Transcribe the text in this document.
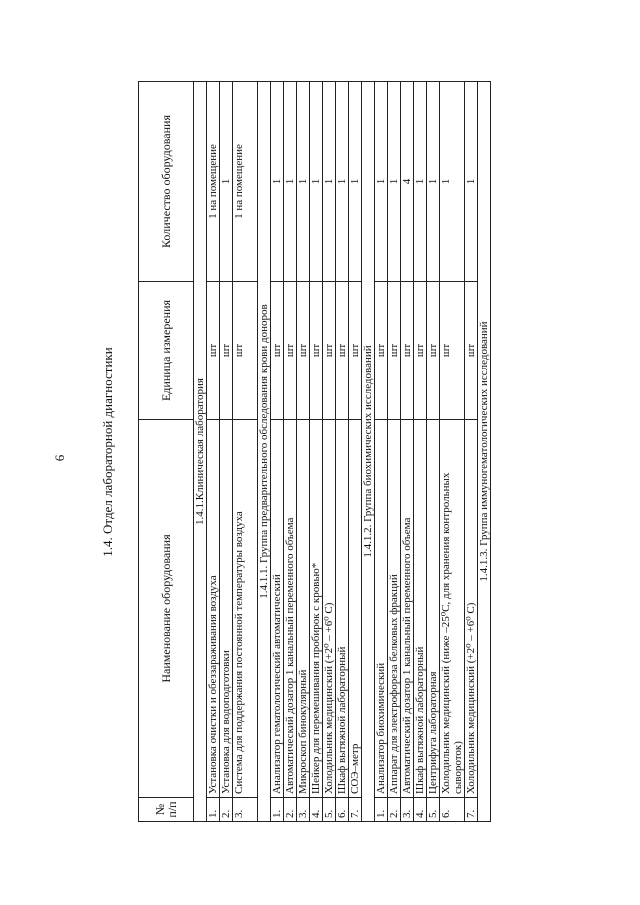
6	1.4. Отдел лабораторной диагностики
№ п/п	Наименование оборудования	Единица измерения	Количество оборудования
1.4.1.Клиническая лаборатория			
1.	Установка очистки и обеззараживания воздуха	шт	1 на помещение
2.	Установка для водоподготовки	шт	1
3.	Система для поддержания постоянной температуры воздуха	шт	1 на помещение
1.4.1.1. Группа предварительного обследования крови доноров			
1.	Анализатор гематологический автоматический	шт	1
2.	Автоматический дозатор 1 канальный переменного объема	шт	1
3.	Микроскоп бинокулярный	шт	1
4.	Шейкер для перемешивания пробирок с кровью*	шт	1
5.	Холодильник медицинский (+2⁰ – +6⁰ С)	шт	1
6.	Шкаф вытяжной лабораторный	шт	1
7.	СОЭ–метр	шт	1
1.4.1.2. Группа биохимических исследований			
1.	Анализатор биохимический	шт	1
2.	Аппарат для электрофореза белковых фракций	шт	1
3.	Автоматический дозатор 1 канальный переменного объема	шт	4
4.	Шкаф вытяжной лабораторный	шт	1
5.	Центрифуга лабораторная	шт	1
6.	Холодильник медицинский (ниже –25⁰С, для хранения контрольных сывороток)	шт	1
7.	Холодильник медицинский (+2⁰ – +6⁰ С)	шт	1
1.4.1.3. Группа иммуногематологических исследований			
